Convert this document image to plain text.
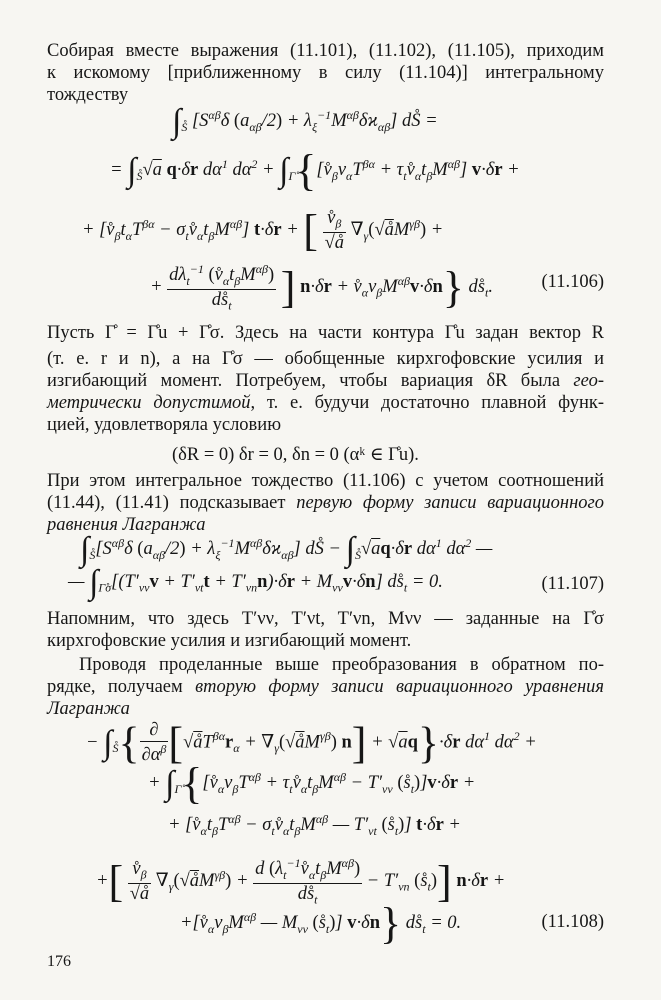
Собирая вместе выражения (11.101), (11.102), (11.105), приходим
к искомому [приближенному в силу (11.104)] интегральному
тождеству
$\int_{S̊}$ [$S^{\alpha\beta}\delta$ $(a_{\alpha\beta}/2) + \lambda_\xi^{-1}M^{\alpha\beta}\delta ϰ_{\alpha\beta}$] dS̊ =
= $\int_{S̊}√a$ q·δr $d\alpha^1$ $d\alpha^2$ + $\int_{\Gammå}\{[v̊_\beta v_\alpha T^{\beta\alpha}$ + $\tau_tv̊_\alpha t_\beta M^{\alpha\beta}$] v·δr +
+ [$v̊_\beta t_\alpha T^{\beta\alpha}$ − $\sigma_tv̊_\alpha t_\beta M^{\alpha\beta}$] t·δr + [ $\frac{v̊_\beta}{√å}$ $\nabla_\gamma(√åM^{\gamma\beta})$ +
+ $\frac{d\lambda_t^{-1} (v̊_\alpha t_\beta M^{\alpha\beta})}{ds̊_t}$ ] $n\cdot\delta r + v̊_\alpha v_\beta M^{\alpha\beta}v\cdot\delta n$} $ds̊_t$.	(11.106)
Пусть Γ̊ = Γ̊u + Γ̊σ. Здесь на части контура Γ̊u задан вектор R
(т. е. r и n), а на Γ̊σ — обобщенные кирхгофовские усилия и
изгибающий момент. Потребуем, чтобы вариация δR была гео-
метрически допустимой, т. е. будучи достаточно плавной функ-
цией, удовлетворяла условию
(δR = 0) δr = 0, δn = 0 (αᵏ ∈ Γ̊u).
При этом интегральное тождество (11.106) с учетом соотношений
(11.44), (11.41) подсказывает первую форму записи вариационного
равнения Лагранжа
$\int_{S̊}[S^{\alpha\beta}\delta$ $(a_{\alpha\beta}/2) + \lambda_\xi^{-1}M^{\alpha\beta}\delta ϰ_{\alpha\beta}$] dS̊ − $\int_{S̊}√aq\cdot\delta r$ $d\alpha^1$ $d\alpha^2$ —
— $\int_{\Gammå\sigma}[(T'_{\nu\nu}v + T'_{\nu t}t + T'_{\nu n}n)\cdot\delta r + M_{\nu\nu}v\cdot\delta n]$ $ds̊_t = 0$.	(11.107)
Напомним, что здесь T′νν, T′νt, T′νn, Mνν — заданные на Γ̊σ
кирхгофовские усилия и изгибающий момент.
Проводя проделанные выше преобразования в обратном по-
рядке, получаем вторую форму записи вариационного уравнения
Лагранжа
− $\int_{S̊}\{ \frac{\partial}{\partial\alpha^\beta}$ [$√åT^{\beta\alpha}r_\alpha$ + $\nabla_\gamma(√åM^{\gamma\beta}) n] + √aq\}\cdot\delta r$ $d\alpha^1$ $d\alpha^2$ +
+ $\int_{\Gammå}\{[v̊_\alpha v_\beta T^{\alpha\beta}$ + $\tau_tv̊_\alpha t_\beta M^{\alpha\beta} - T'_{\nu\nu}$ $(s̊_t)]v\cdot\delta r$ +
+ [$v̊_\alpha t_\beta T^{\alpha\beta}$ − $\sigma_tv̊_\alpha t_\beta M^{\alpha\beta}$ — $T'_{\nu t}$ $(s̊_t)$] t·δr +
+[ $\frac{v̊_\beta}{√å}$ $\nabla_\gamma(√åM^{\gamma\beta}) + \frac{d (\lambda_t^{-1}v̊_\alpha t_\beta M^{\alpha\beta})}{ds̊_t} - T'_{\nu n}$ $(s̊_t)$] n·δr +
$+[v̊_\alpha v_\beta M^{\alpha\beta}$ — $M_{\nu\nu}$ $(s̊_t)$] v·δn} $ds̊_t = 0$.	(11.108)
176
